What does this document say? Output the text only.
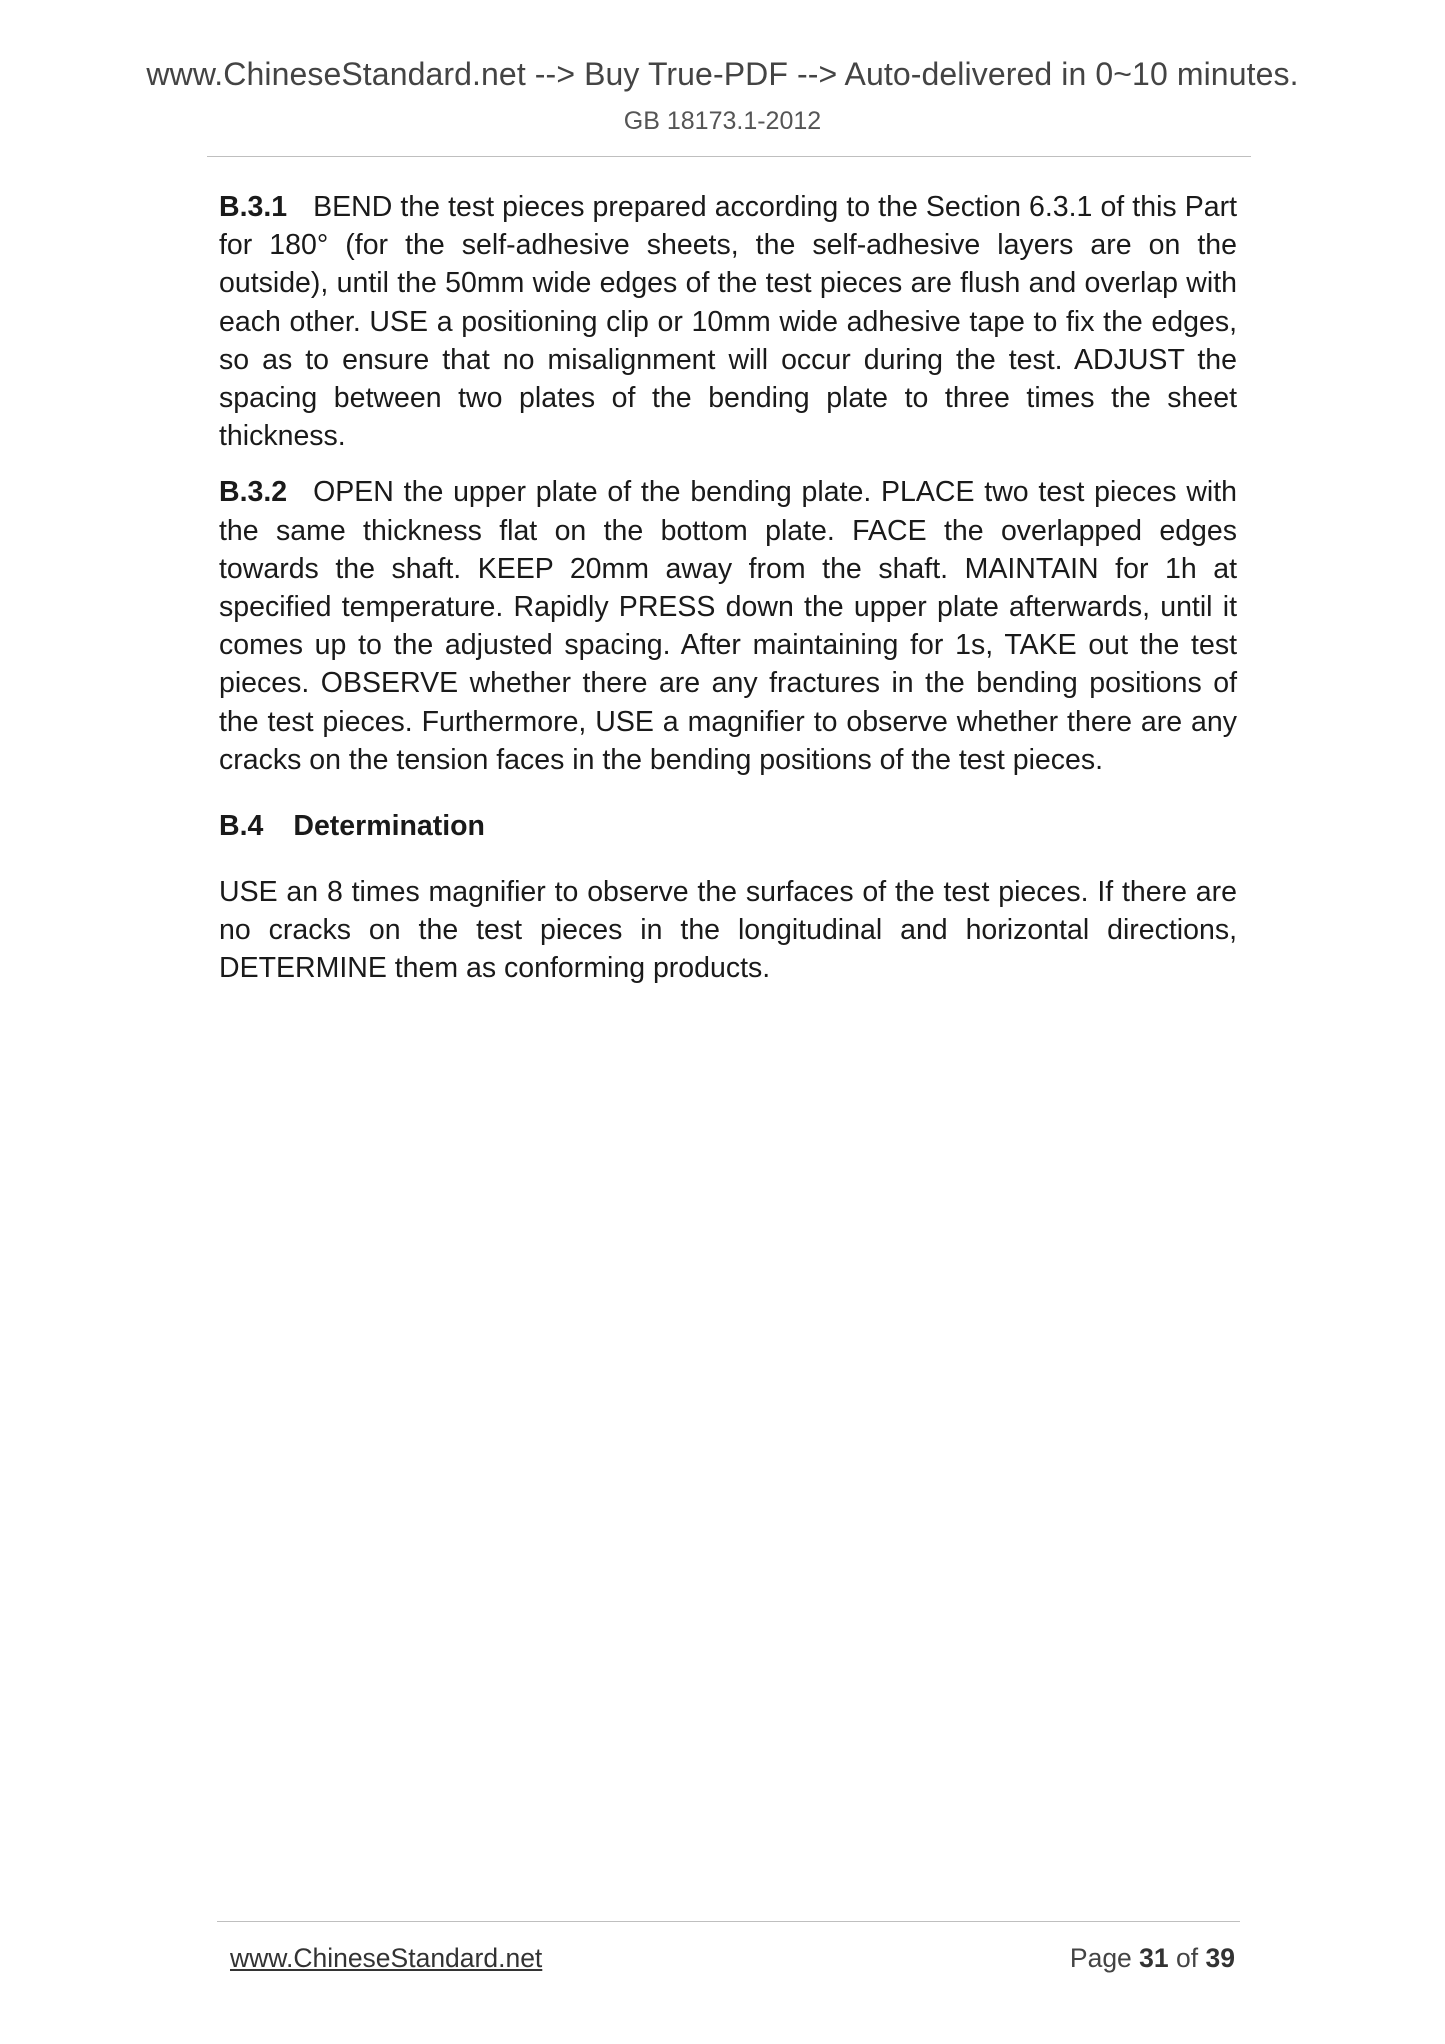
www.ChineseStandard.net --> Buy True-PDF --> Auto-delivered in 0~10 minutes.
GB 18173.1-2012

B.3.1 BEND the test pieces prepared according to the Section 6.3.1 of this Part for 180° (for the self-adhesive sheets, the self-adhesive layers are on the outside), until the 50mm wide edges of the test pieces are flush and overlap with each other. USE a positioning clip or 10mm wide adhesive tape to fix the edges, so as to ensure that no misalignment will occur during the test. ADJUST the spacing between two plates of the bending plate to three times the sheet thickness.

B.3.2 OPEN the upper plate of the bending plate. PLACE two test pieces with the same thickness flat on the bottom plate. FACE the overlapped edges towards the shaft. KEEP 20mm away from the shaft. MAINTAIN for 1h at specified temperature. Rapidly PRESS down the upper plate afterwards, until it comes up to the adjusted spacing. After maintaining for 1s, TAKE out the test pieces. OBSERVE whether there are any fractures in the bending positions of the test pieces. Furthermore, USE a magnifier to observe whether there are any cracks on the tension faces in the bending positions of the test pieces.

B.4 Determination

USE an 8 times magnifier to observe the surfaces of the test pieces. If there are no cracks on the test pieces in the longitudinal and horizontal directions, DETERMINE them as conforming products.

www.ChineseStandard.net	Page 31 of 39
